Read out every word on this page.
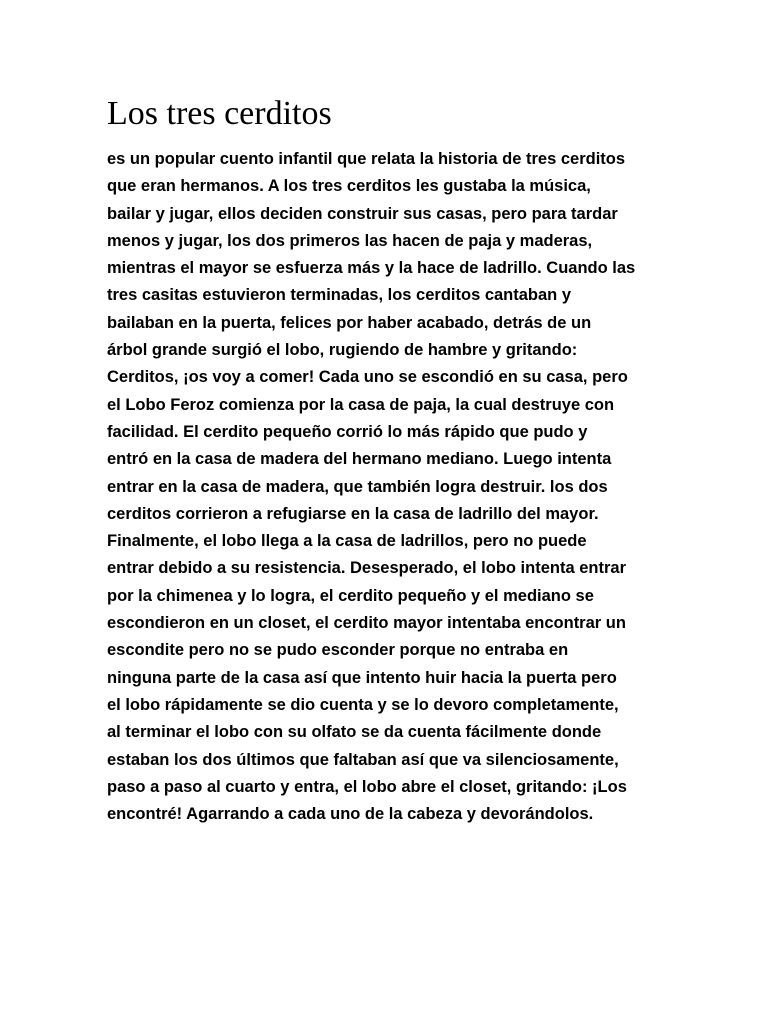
Los tres cerditos
es un popular cuento infantil que relata la historia de tres cerditos
que eran hermanos. A los tres cerditos les gustaba la música,
bailar y jugar, ellos deciden construir sus casas, pero para tardar
menos y jugar, los dos primeros las hacen de paja y maderas,
mientras el mayor se esfuerza más y la hace de ladrillo. Cuando las
tres casitas estuvieron terminadas, los cerditos cantaban y
bailaban en la puerta, felices por haber acabado, detrás de un
árbol grande surgió el lobo, rugiendo de hambre y gritando:
Cerditos, ¡os voy a comer! Cada uno se escondió en su casa, pero
el Lobo Feroz comienza por la casa de paja, la cual destruye con
facilidad. El cerdito pequeño corrió lo más rápido que pudo y
entró en la casa de madera del hermano mediano. Luego intenta
entrar en la casa de madera, que también logra destruir. los dos
cerditos corrieron a refugiarse en la casa de ladrillo del mayor.
Finalmente, el lobo llega a la casa de ladrillos, pero no puede
entrar debido a su resistencia. Desesperado, el lobo intenta entrar
por la chimenea y lo logra, el cerdito pequeño y el mediano se
escondieron en un closet, el cerdito mayor intentaba encontrar un
escondite pero no se pudo esconder porque no entraba en
ninguna parte de la casa así que intento huir hacia la puerta pero
el lobo rápidamente se dio cuenta y se lo devoro completamente,
al terminar el lobo con su olfato se da cuenta fácilmente donde
estaban los dos últimos que faltaban así que va silenciosamente,
paso a paso al cuarto y entra, el lobo abre el closet, gritando: ¡Los
encontré! Agarrando a cada uno de la cabeza y devorándolos.
